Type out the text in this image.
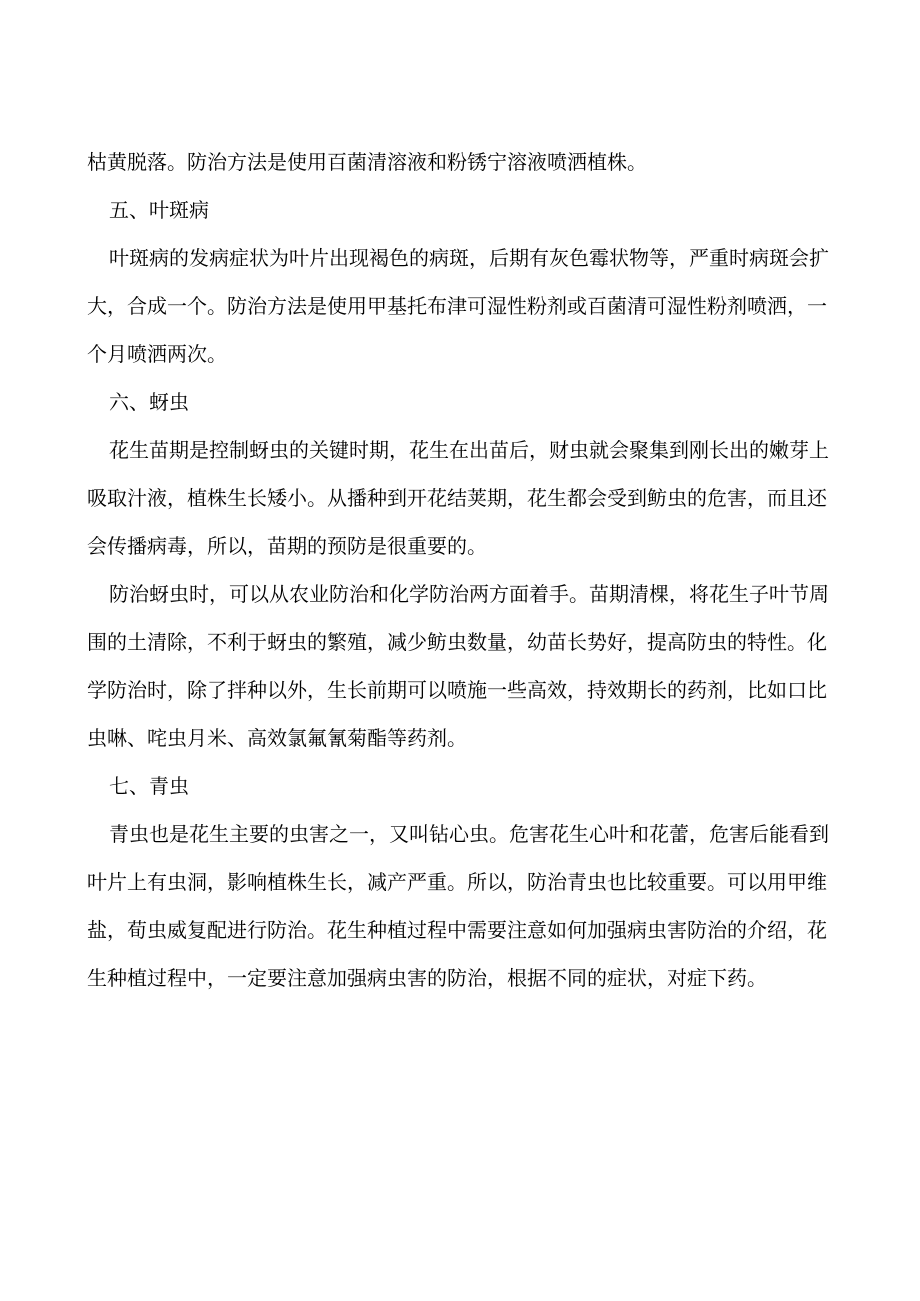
枯黄脱落。防治方法是使用百菌清溶液和粉锈宁溶液喷洒植株。
五、叶斑病
叶斑病的发病症状为叶片出现褐色的病斑，后期有灰色霉状物等，严重时病斑会扩
大，合成一个。防治方法是使用甲基托布津可湿性粉剂或百菌清可湿性粉剂喷洒，一
个月喷洒两次。
六、蚜虫
花生苗期是控制蚜虫的关键时期，花生在出苗后，财虫就会聚集到刚长出的嫩芽上
吸取汁液，植株生长矮小。从播种到开花结荚期，花生都会受到鲂虫的危害，而且还
会传播病毒，所以，苗期的预防是很重要的。
防治蚜虫时，可以从农业防治和化学防治两方面着手。苗期清棵，将花生子叶节周
围的土清除，不利于蚜虫的繁殖，减少鲂虫数量，幼苗长势好，提高防虫的特性。化
学防治时，除了拌种以外，生长前期可以喷施一些高效，持效期长的药剂，比如口比
虫啉、咤虫月米、高效氯氟氰菊酯等药剂。
七、青虫
青虫也是花生主要的虫害之一，又叫钻心虫。危害花生心叶和花蕾，危害后能看到
叶片上有虫洞，影响植株生长，减产严重。所以，防治青虫也比较重要。可以用甲维
盐，荀虫威复配进行防治。花生种植过程中需要注意如何加强病虫害防治的介绍，花
生种植过程中，一定要注意加强病虫害的防治，根据不同的症状，对症下药。
